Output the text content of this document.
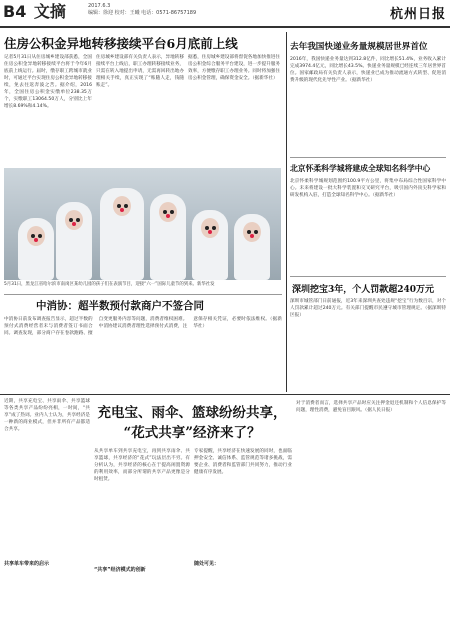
B4 文摘	2017.6.3
编辑：徐迎 校对：王曦 电话：0571-86757189	杭州日报
住房公积金异地转移接续平台6月底前上线
记者5月31日从住房城乡建设部获悉，全国住房公积金异地转移接续平台将于今年6月底前上线运行。届时，缴存职工跨城市就业时，可通过平台实现住房公积金异地转移接续，免去往返奔波之苦。据介绍，2016年，全国住房公积金实缴单位238.35万个，实缴职工13064.50万人，分别比上年增长8.69%和4.14%。
住房城乡建设部有关负责人表示，异地转移接续平台上线后，职工办理转移接续业务，只需在转入地提出申请，无需再回转出地办理相关手续，真正实现了“账随人走，钱随账走”。
据悉，住房城乡建设部将督促各地加快推进住房公积金综合服务平台建设，进一步提升服务效率，方便缴存职工办理业务。同时将加强住房公积金管理，确保资金安全。（据新华社）
5月31日，黑龙江省哈尔滨市南岗区某幼儿园的孩子们在表演节目，迎接“六一”国际儿童节的到来。新华社发
去年我国快递业务量规模居世界首位
2016年，我国快递业务量达到312.8亿件，同比增长51.4%，业务收入累计完成3974.4亿元，同比增长43.5%。快递业务量规模已经连续三年居世界首位。国家邮政局有关负责人表示，快递业已成为推动流通方式转型、促进消费升级的现代化先导性产业。（据新华社）
北京怀柔科学城将建成全球知名科学中心
北京怀柔科学城规划范围约100.9平方公里，将集中布局综合性国家科学中心。未来将建设一批大科学装置和交叉研究平台，吸引国内外顶尖科学家和研发机构入驻，打造全球知名科学中心。（据新华社）
深圳挖宝3年，个人罚款超240万元
深圳市城管部门日前通报，近3年来深圳共查处违规“挖宝”行为数百宗，对个人罚款累计超过240万元。有关部门提醒市民遵守城市管理规定。（据深圳特区报）
中消协：超半数预付款商户不签合同
中消协日前发布调查报告显示，超过半数的预付式消费经营者未与消费者签订书面合同。调查发现，部分商户存在卷款跑路、擅自变更服务内容等问题，消费者维权困难。中消协建议消费者理性选择预付式消费，注意保存相关凭证，必要时依法维权。（据新华社）
近期，共享充电宝、共享雨伞、共享篮球等各类共享产品纷纷亮相，一时间，“共享”成了热词。业内人士认为，共享经济是一种新的商业模式，但并非所有产品都适合共享。
充电宝、雨伞、篮球纷纷共享，
“花式共享”经济来了？
从共享单车到共享充电宝，再到共享雨伞、共享篮球，共享经济的“花式”玩法层出不穷。有分析认为，共享经济的核心在于提高闲置资源的利用效率，而部分所谓的共享产品更像是分时租赁。
专家提醒，共享经济在快速发展的同时，也面临押金安全、诚信体系、监管规范等诸多挑战，需要企业、消费者和监管部门共同努力，推动行业健康有序发展。
随处可见：
“共享”经济模式的创新
共享单车带来的启示
对于消费者而言，选择共享产品时应关注押金退还机制和个人信息保护等问题，理性消费，避免盲目跟风。（据人民日报）
